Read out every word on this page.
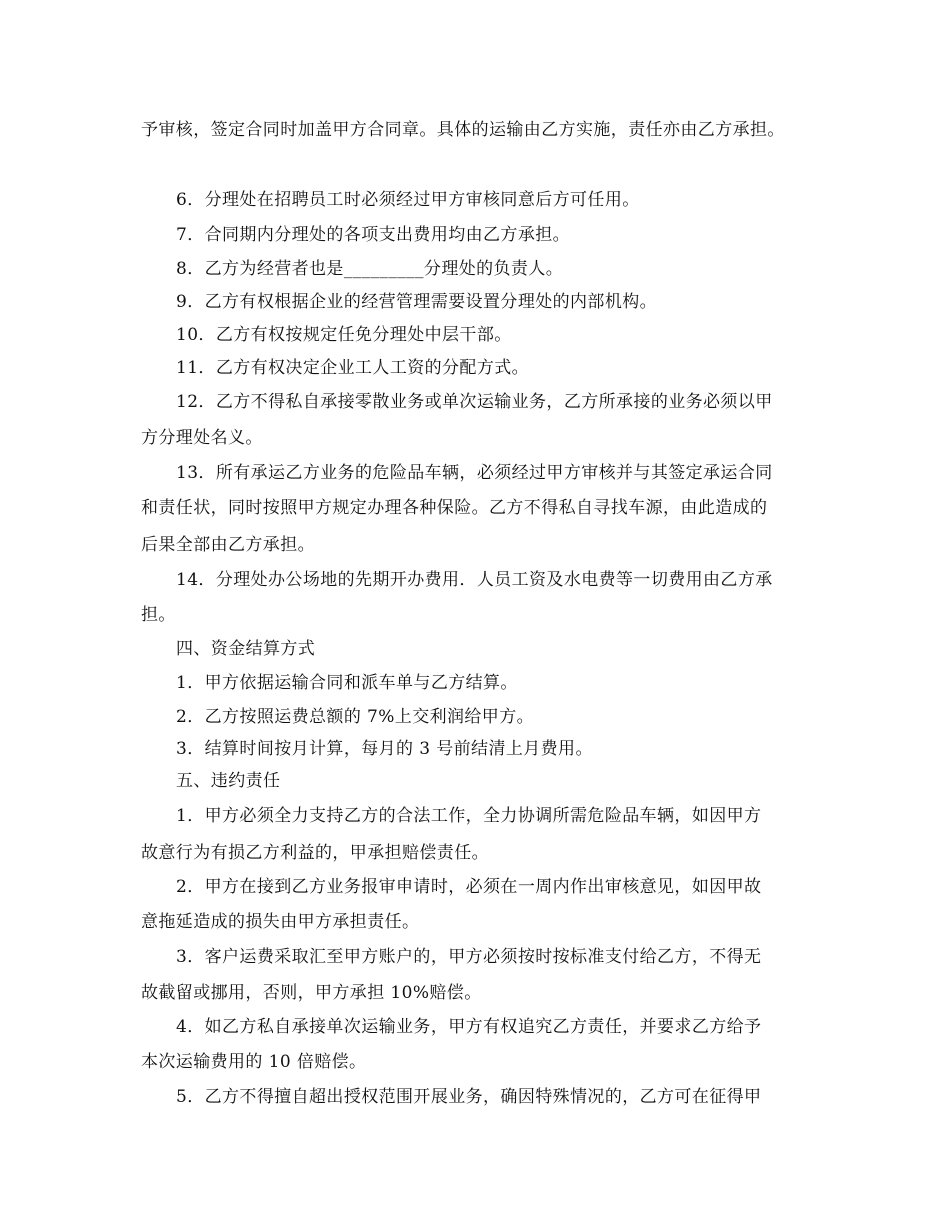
予审核，签定合同时加盖甲方合同章。具体的运输由乙方实施，责任亦由乙方承担。
6．分理处在招聘员工时必须经过甲方审核同意后方可任用。
7．合同期内分理处的各项支出费用均由乙方承担。
8．乙方为经营者也是_________分理处的负责人。
9．乙方有权根据企业的经营管理需要设置分理处的内部机构。
10．乙方有权按规定任免分理处中层干部。
11．乙方有权决定企业工人工资的分配方式。
12．乙方不得私自承接零散业务或单次运输业务，乙方所承接的业务必须以甲
方分理处名义。
13．所有承运乙方业务的危险品车辆，必须经过甲方审核并与其签定承运合同
和责任状，同时按照甲方规定办理各种保险。乙方不得私自寻找车源，由此造成的
后果全部由乙方承担。
14．分理处办公场地的先期开办费用．人员工资及水电费等一切费用由乙方承
担。
四、资金结算方式
1．甲方依据运输合同和派车单与乙方结算。
2．乙方按照运费总额的 7%上交利润给甲方。
3．结算时间按月计算，每月的 3 号前结清上月费用。
五、违约责任
1．甲方必须全力支持乙方的合法工作，全力协调所需危险品车辆，如因甲方
故意行为有损乙方利益的，甲承担赔偿责任。
2．甲方在接到乙方业务报审申请时，必须在一周内作出审核意见，如因甲故
意拖延造成的损失由甲方承担责任。
3．客户运费采取汇至甲方账户的，甲方必须按时按标准支付给乙方，不得无
故截留或挪用，否则，甲方承担 10%赔偿。
4．如乙方私自承接单次运输业务，甲方有权追究乙方责任，并要求乙方给予
本次运输费用的 10 倍赔偿。
5．乙方不得擅自超出授权范围开展业务，确因特殊情况的，乙方可在征得甲
